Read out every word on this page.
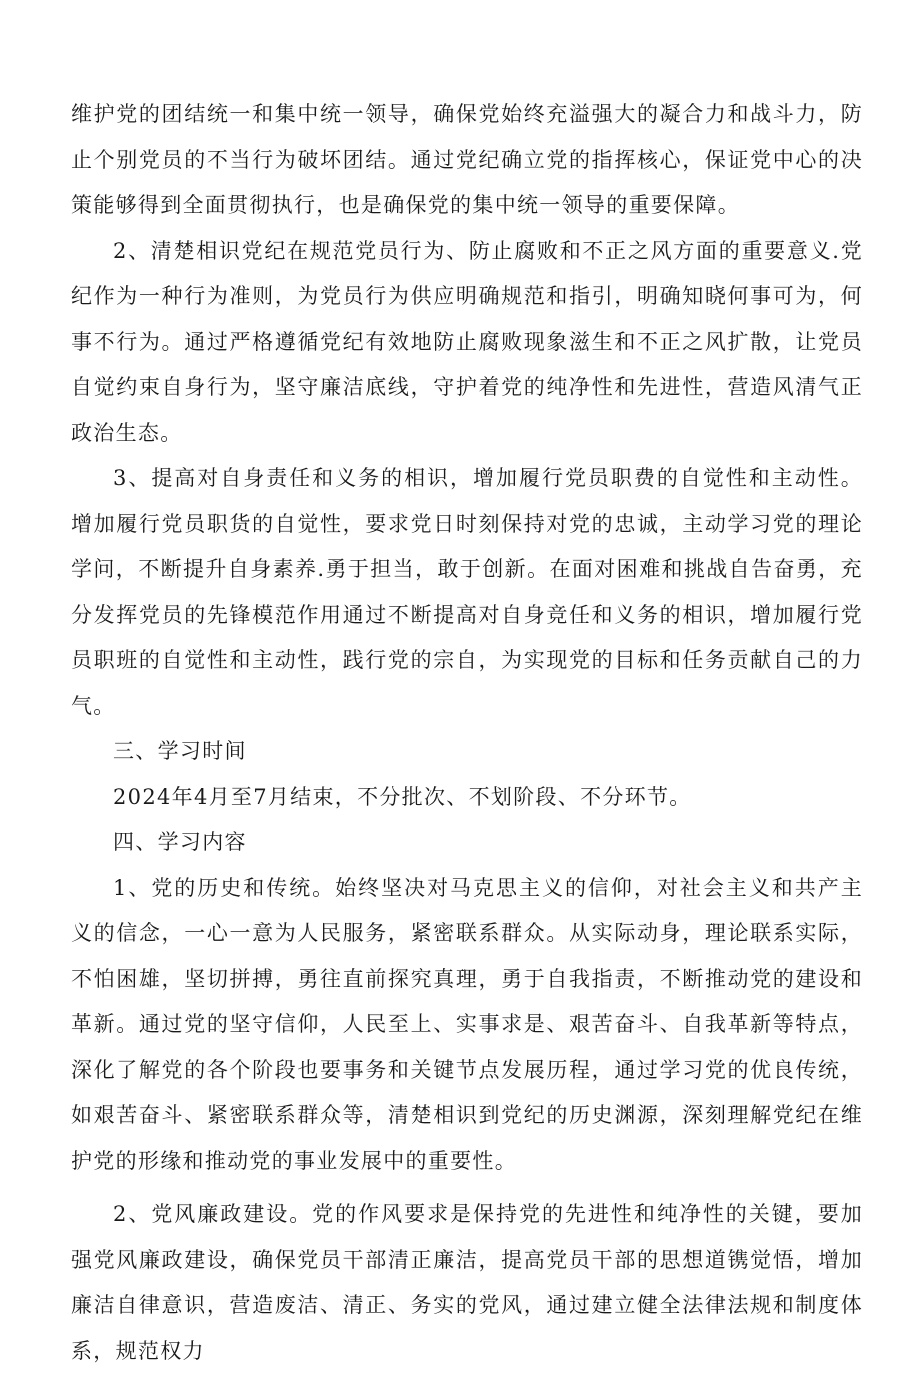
维护党的团结统一和集中统一领导，确保党始终充溢强大的凝合力和战斗力，防止个别党员的不当行为破坏团结。通过党纪确立党的指挥核心，保证党中心的决策能够得到全面贯彻执行，也是确保党的集中统一领导的重要保障。

2、清楚相识党纪在规范党员行为、防止腐败和不正之风方面的重要意义.党纪作为一种行为准则，为党员行为供应明确规范和指引，明确知晓何事可为，何事不行为。通过严格遵循党纪有效地防止腐败现象滋生和不正之风扩散，让党员自觉约束自身行为，坚守廉洁底线，守护着党的纯净性和先进性，营造风清气正政治生态。

3、提高对自身责任和义务的相识，增加履行党员职费的自觉性和主动性。增加履行党员职货的自觉性，要求党日时刻保持对党的忠诚，主动学习党的理论学问，不断提升自身素养.勇于担当，敢于创新。在面对困难和挑战自告奋勇，充分发挥党员的先锋模范作用通过不断提高对自身竞任和义务的相识，增加履行党员职班的自觉性和主动性，践行党的宗自，为实现党的目标和任务贡献自己的力气。

三、学习时间

2024年4月至7月结束，不分批次、不划阶段、不分环节。

四、学习内容

1、党的历史和传统。始终坚决对马克思主义的信仰，对社会主义和共产主义的信念，一心一意为人民服务，紧密联系群众。从实际动身，理论联系实际，不怕困雄，坚切拼搏，勇往直前探究真理，勇于自我指责，不断推动党的建设和革新。通过党的坚守信仰，人民至上、实事求是、艰苦奋斗、自我革新等特点，深化了解党的各个阶段也要事务和关键节点发展历程，通过学习党的优良传统，如艰苦奋斗、紧密联系群众等，清楚相识到党纪的历史渊源，深刻理解党纪在维护党的形缘和推动党的事业发展中的重要性。

2、党风廉政建设。党的作风要求是保持党的先进性和纯净性的关键，要加强党风廉政建设，确保党员干部清正廉洁，提高党员干部的思想道镌觉悟，增加廉洁自律意识，营造废洁、清正、务实的党风，通过建立健全法律法规和制度体系，规范权力
